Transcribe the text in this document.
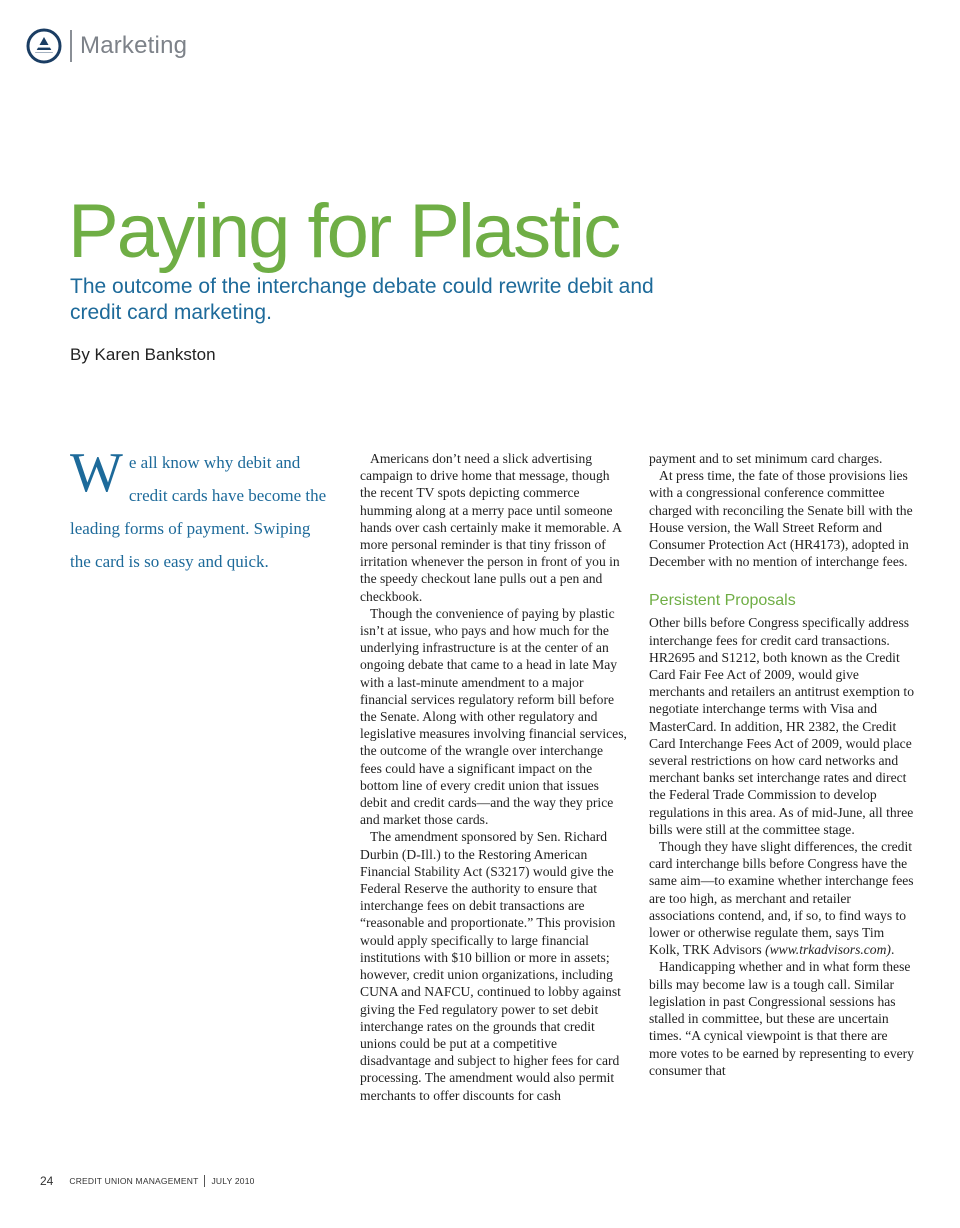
Marketing
Paying for Plastic
The outcome of the interchange debate could rewrite debit and credit card marketing.

By Karen Bankston

We all know why debit and credit cards have become the leading forms of payment. Swiping the card is so easy and quick.

Americans don’t need a slick advertising campaign to drive home that message, though the recent TV spots depicting commerce humming along at a merry pace until someone hands over cash certainly make it memorable. A more personal reminder is that tiny frisson of irritation whenever the person in front of you in the speedy checkout lane pulls out a pen and checkbook.

Though the convenience of paying by plastic isn’t at issue, who pays and how much for the underlying infrastructure is at the center of an ongoing debate that came to a head in late May with a last-minute amendment to a major financial services regulatory reform bill before the Senate. Along with other regulatory and legislative measures involving financial services, the outcome of the wrangle over interchange fees could have a significant impact on the bottom line of every credit union that issues debit and credit cards—and the way they price and market those cards.

The amendment sponsored by Sen. Richard Durbin (D-Ill.) to the Restoring American Financial Stability Act (S3217) would give the Federal Reserve the authority to ensure that interchange fees on debit transactions are “reasonable and proportionate.” This provision would apply specifically to large financial institutions with $10 billion or more in assets; however, credit union organizations, including CUNA and NAFCU, continued to lobby against giving the Fed regulatory power to set debit interchange rates on the grounds that credit unions could be put at a competitive disadvantage and subject to higher fees for card processing. The amendment would also permit merchants to offer discounts for cash

payment and to set minimum card charges.

At press time, the fate of those provisions lies with a congressional conference committee charged with reconciling the Senate bill with the House version, the Wall Street Reform and Consumer Protection Act (HR4173), adopted in December with no mention of interchange fees.

Persistent Proposals

Other bills before Congress specifically address interchange fees for credit card transactions. HR2695 and S1212, both known as the Credit Card Fair Fee Act of 2009, would give merchants and retailers an antitrust exemption to negotiate interchange terms with Visa and MasterCard. In addition, HR 2382, the Credit Card Interchange Fees Act of 2009, would place several restrictions on how card networks and merchant banks set interchange rates and direct the Federal Trade Commission to develop regulations in this area. As of mid-June, all three bills were still at the committee stage.

Though they have slight differences, the credit card interchange bills before Congress have the same aim—to examine whether interchange fees are too high, as merchant and retailer associations contend, and, if so, to find ways to lower or otherwise regulate them, says Tim Kolk, TRK Advisors (www.trkadvisors.com).

Handicapping whether and in what form these bills may become law is a tough call. Similar legislation in past Congressional sessions has stalled in committee, but these are uncertain times. “A cynical viewpoint is that there are more votes to be earned by representing to every consumer that

24 CREDIT UNION MANAGEMENT JULY 2010
